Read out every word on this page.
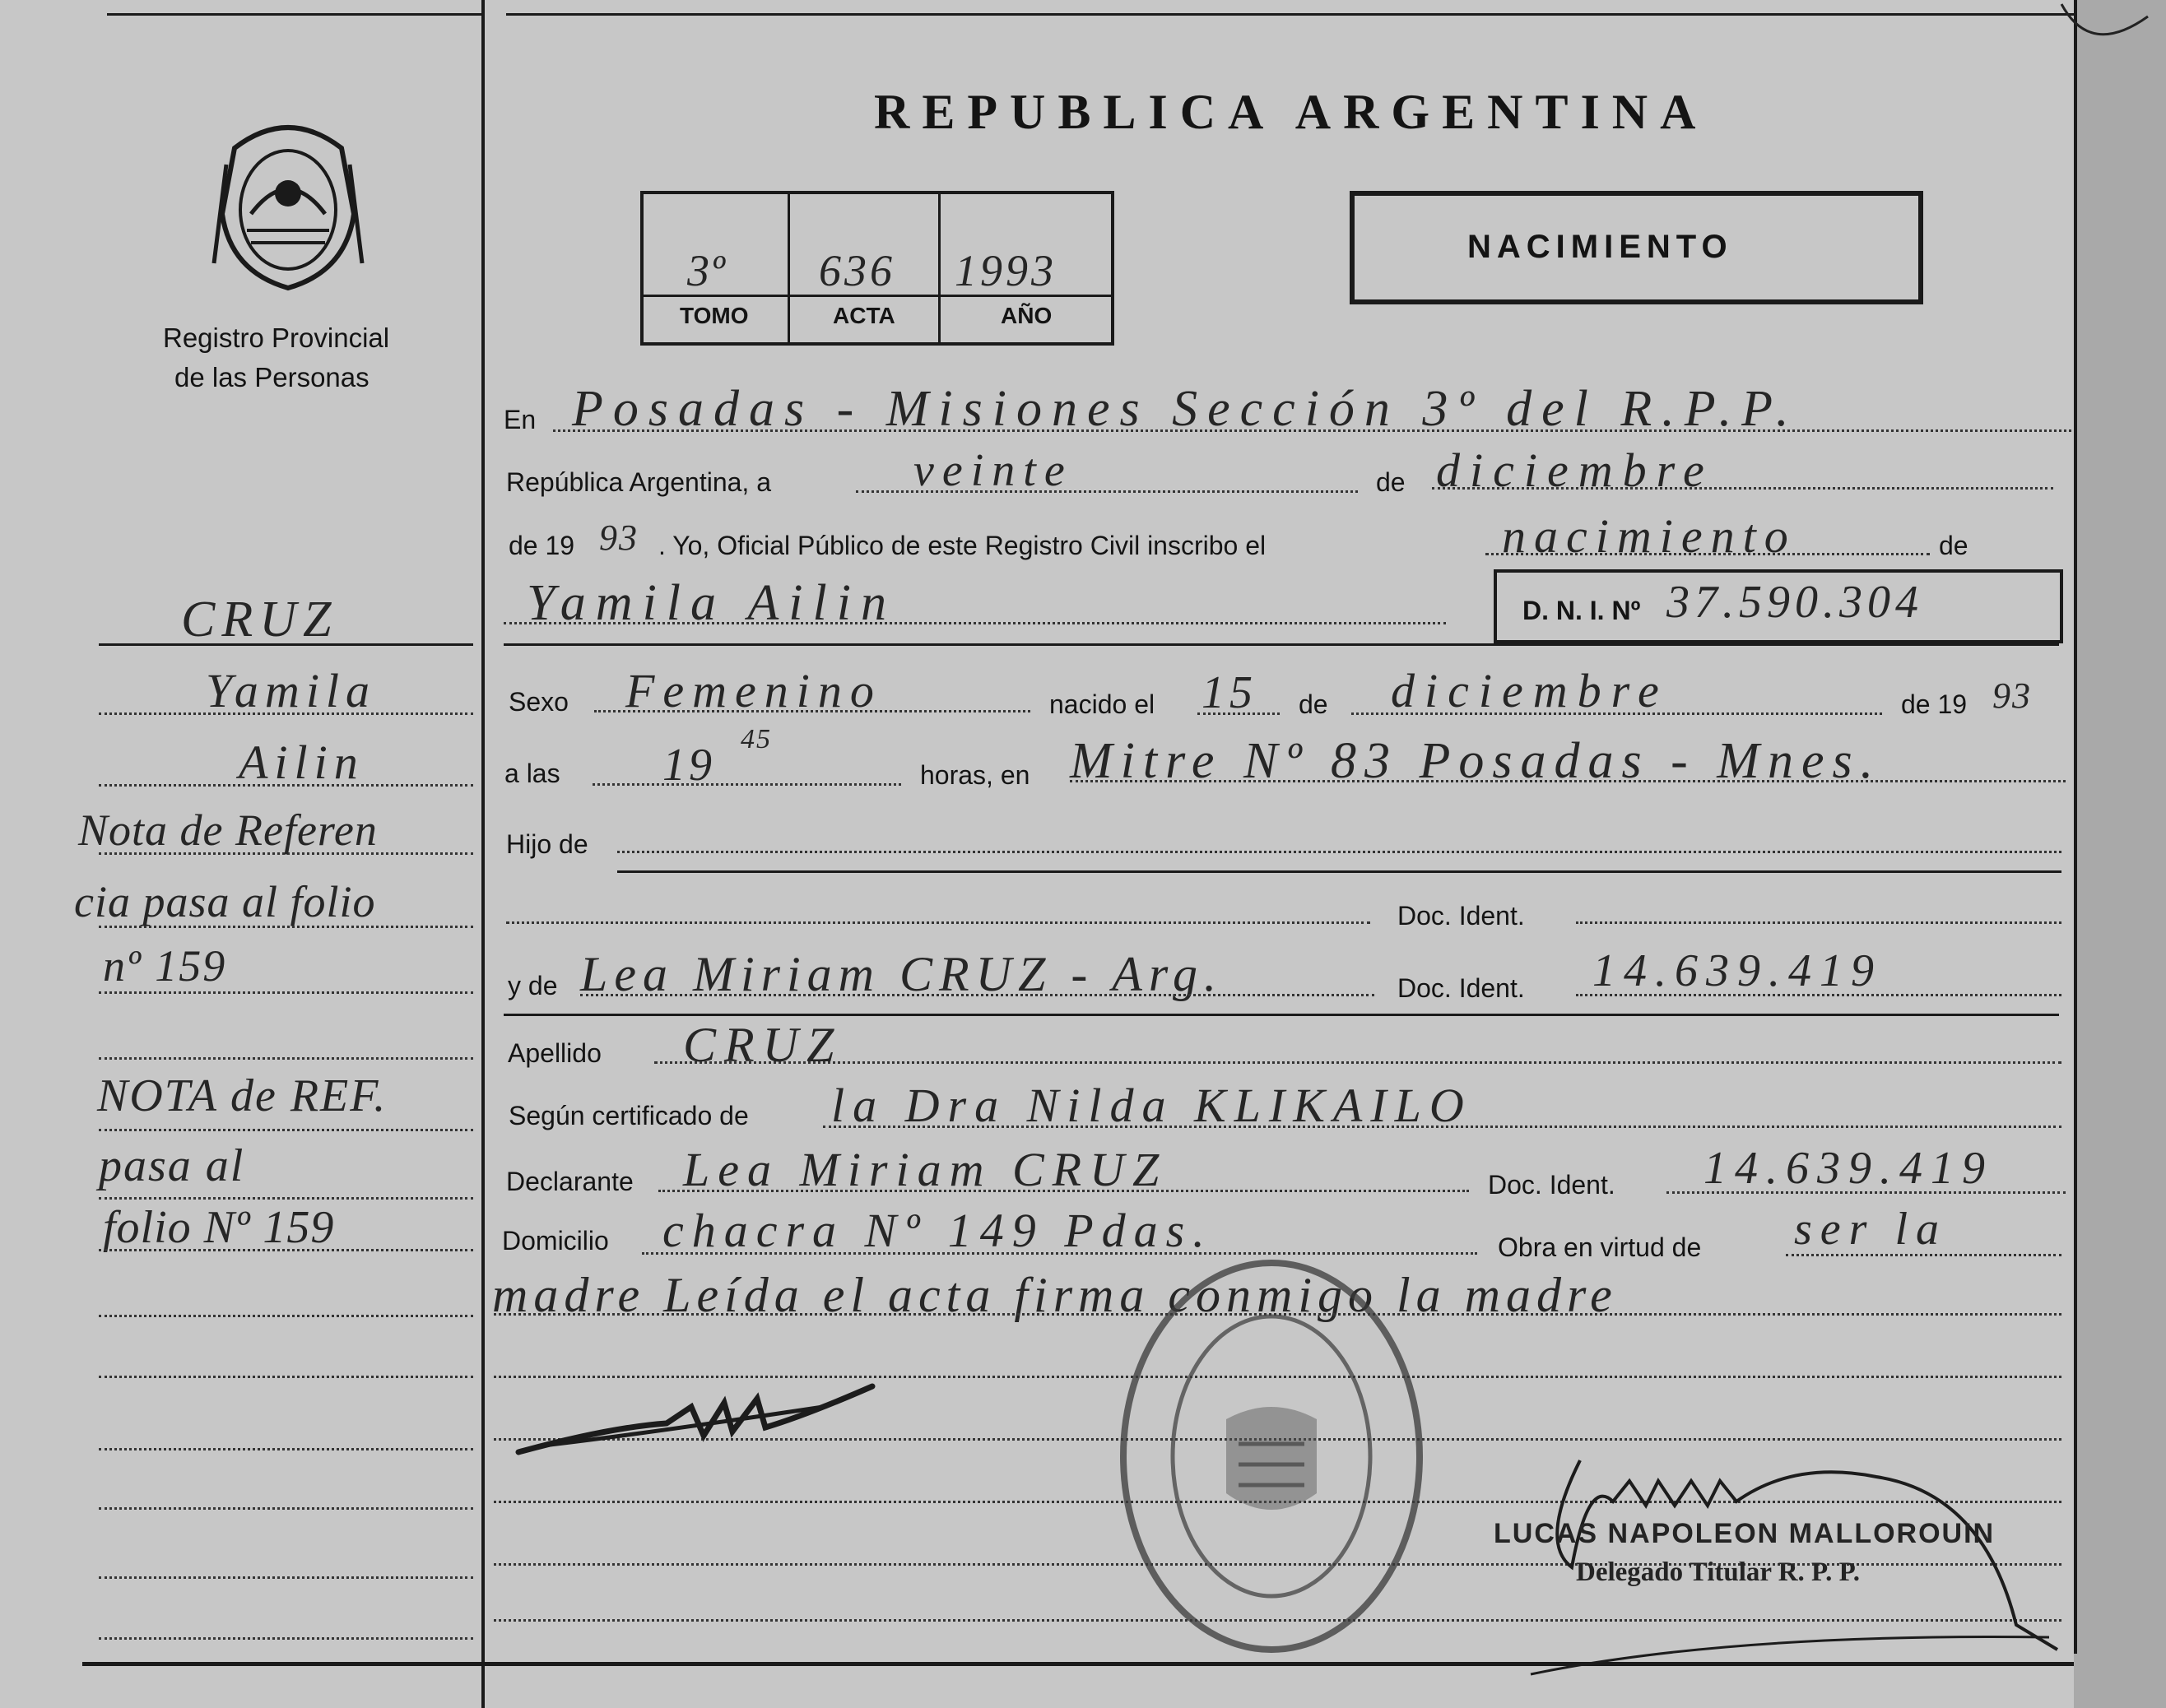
Registro Provincial
de las Personas
REPUBLICA ARGENTINA
3º 636 1993
TOMO	ACTA	AÑO
NACIMIENTO
CRUZ
Yamila
Ailin
Nota de Referen
cia pasa al folio
nº 159
NOTA de REF.
pasa al
folio Nº 159
En Posadas - Misiones Sección 3º del R.P.P.
República Argentina, a	veinte	de diciembre
de 19 93 . Yo, Oficial Público de este Registro Civil inscribo el	nacimiento	de
Yamila Ailin	D. N. I. Nº 37.590.304
Sexo Femenino	nacido el 15 de diciembre	de 19 93
a las 19
45
horas, en Mitre Nº 83 Posadas - Mnes.
Hijo de
Doc. Ident.
y de Lea Miriam CRUZ - Arg.	Doc. Ident. 14.639.419
Apellido CRUZ
Según certificado de la Dra Nilda KLIKAILO
Declarante Lea Miriam CRUZ	Doc. Ident. 14.639.419
Domicilio chacra Nº 149 Pdas.	Obra en virtud de ser la
madre Leída el acta firma conmigo la madre
LUCAS NAPOLEON MALLOROUIN
Delegado Titular R. P. P.
